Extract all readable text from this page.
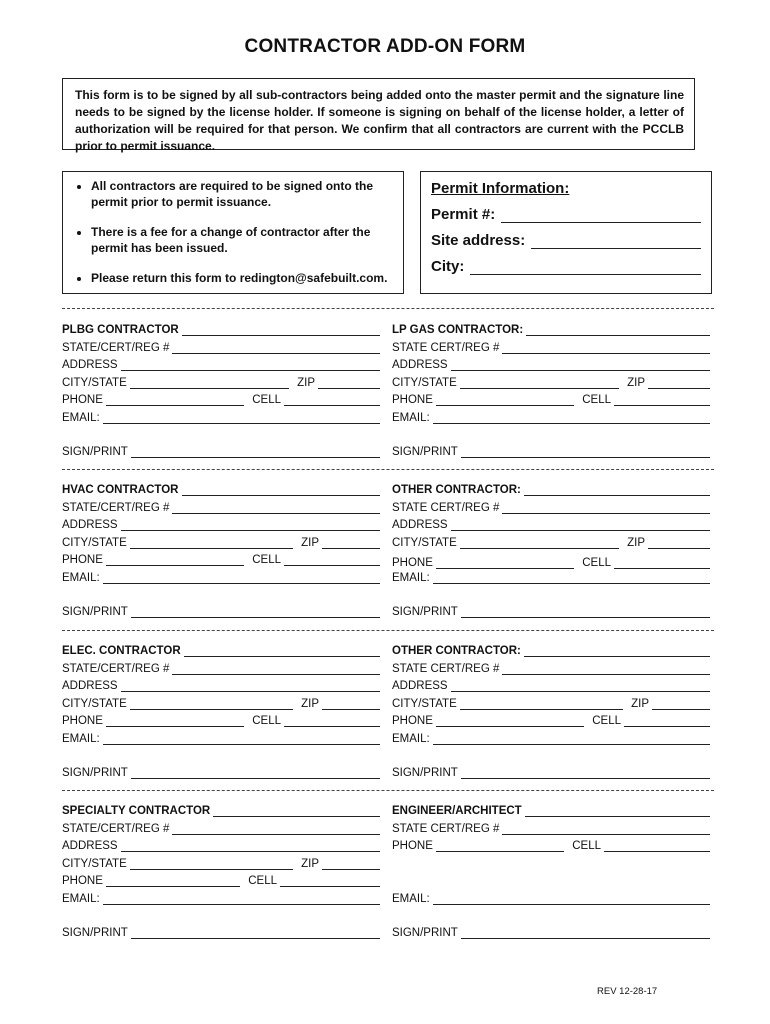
CONTRACTOR ADD-ON FORM
This form is to be signed by all sub-contractors being added onto the master permit and the signature line needs to be signed by the license holder. If someone is signing on behalf of the license holder, a letter of authorization will be required for that person. We confirm that all contractors are current with the PCCLB prior to permit issuance.
• All contractors are required to be signed onto the permit prior to permit issuance.
• There is a fee for a change of contractor after the permit has been issued.
• Please return this form to redington@safebuilt.com.
Permit Information:
Permit #:
Site address:
City:
PLBG CONTRACTOR
STATE/CERT/REG #
ADDRESS
CITY/STATE	ZIP
PHONE	CELL
EMAIL:
SIGN/PRINT
LP GAS CONTRACTOR:
STATE CERT/REG #
ADDRESS
CITY/STATE	ZIP
PHONE	CELL
EMAIL:
SIGN/PRINT
HVAC CONTRACTOR
STATE/CERT/REG #
ADDRESS
CITY/STATE	ZIP
PHONE	CELL
EMAIL:
SIGN/PRINT
OTHER CONTRACTOR:
STATE CERT/REG #
ADDRESS
CITY/STATE	ZIP
PHONE	CELL
EMAIL:
SIGN/PRINT
ELEC. CONTRACTOR
STATE/CERT/REG #
ADDRESS
CITY/STATE	ZIP
PHONE	CELL
EMAIL:
SIGN/PRINT
OTHER CONTRACTOR:
STATE CERT/REG #
ADDRESS
CITY/STATE	ZIP
PHONE	CELL
EMAIL:
SIGN/PRINT
SPECIALTY CONTRACTOR
STATE/CERT/REG #
ADDRESS
CITY/STATE	ZIP
PHONE	CELL
EMAIL:
SIGN/PRINT
ENGINEER/ARCHITECT
STATE CERT/REG #
PHONE	CELL
EMAIL:
SIGN/PRINT
REV 12-28-17
